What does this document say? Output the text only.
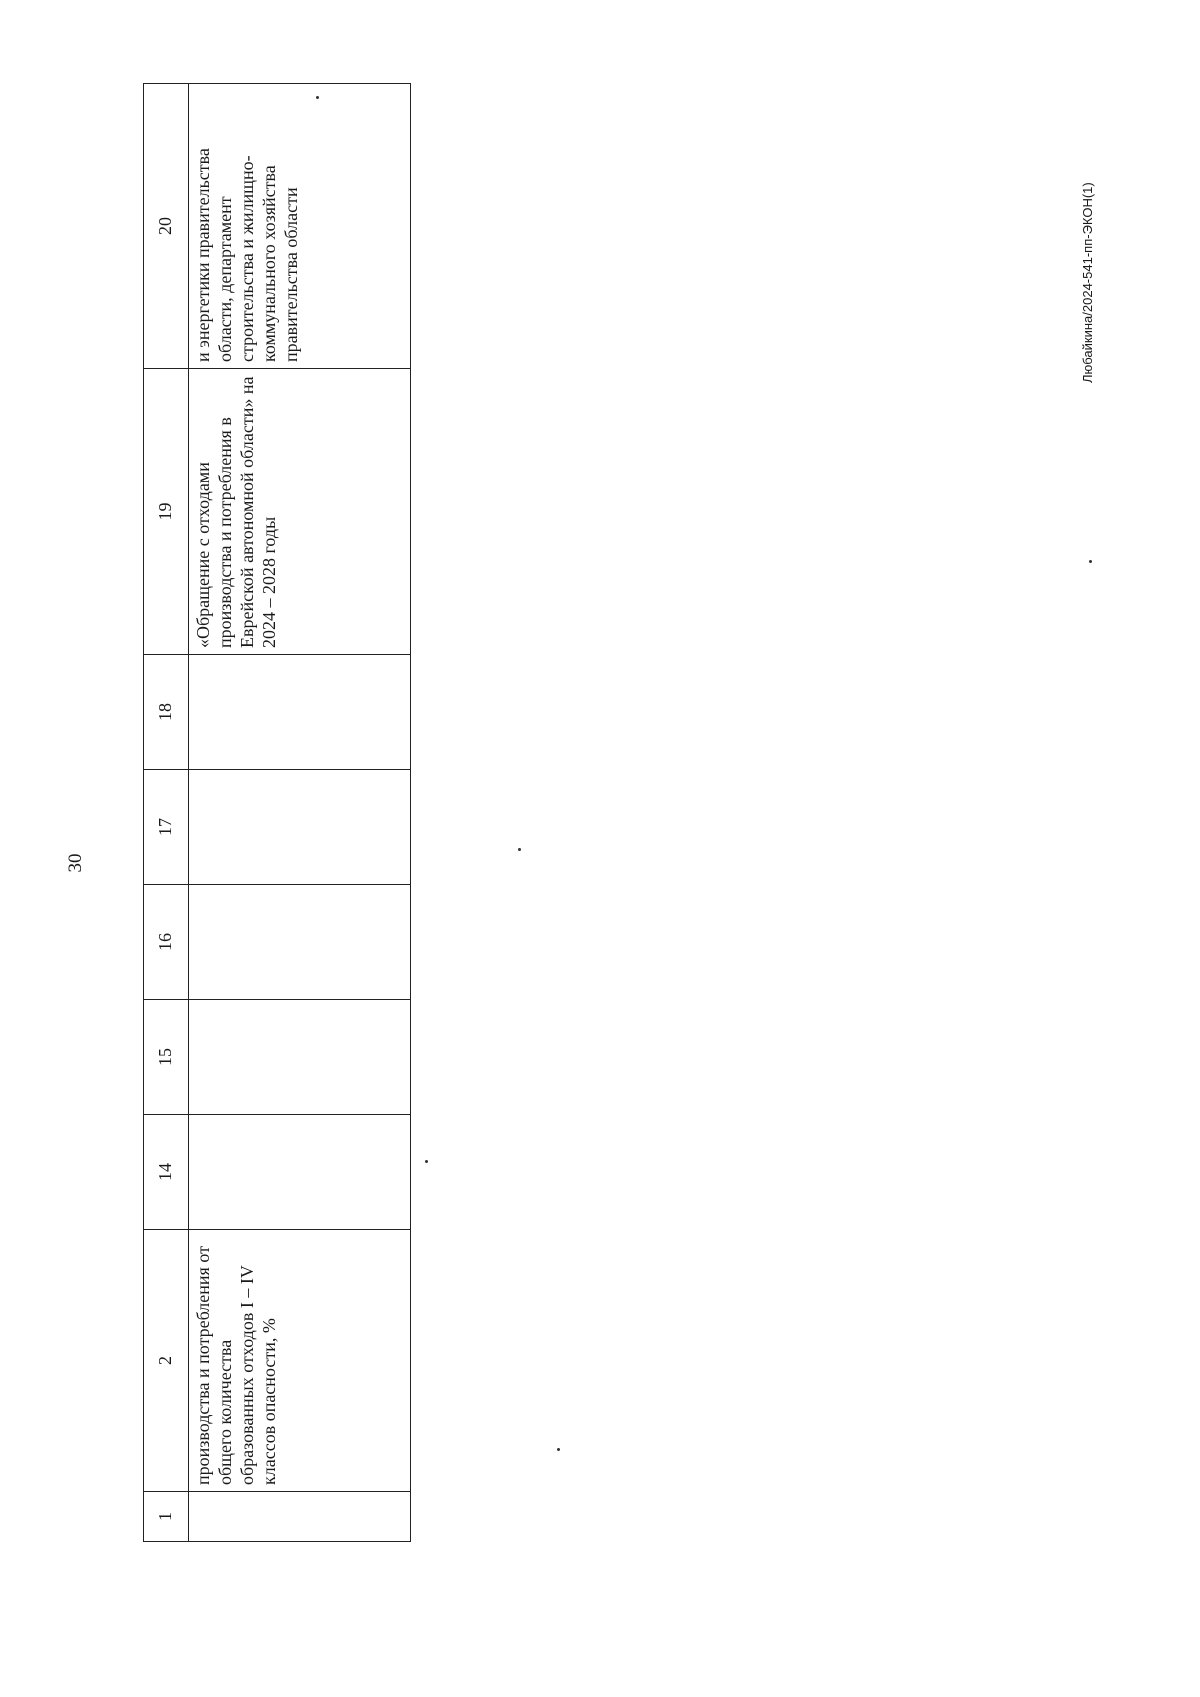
30
1	2	14	15	16	17	18	19	20
	производства и потребления от общего количества образованных отходов I – IV классов опасности, %						«Обращение с отходами производства и потребления в Еврейской автономной области» на 2024 – 2028 годы	и энергетики правительства области, департамент строительства и жилищно-коммунального хозяйства правительства области	Любайкина/2024-541-пп-ЭКОН(1)
